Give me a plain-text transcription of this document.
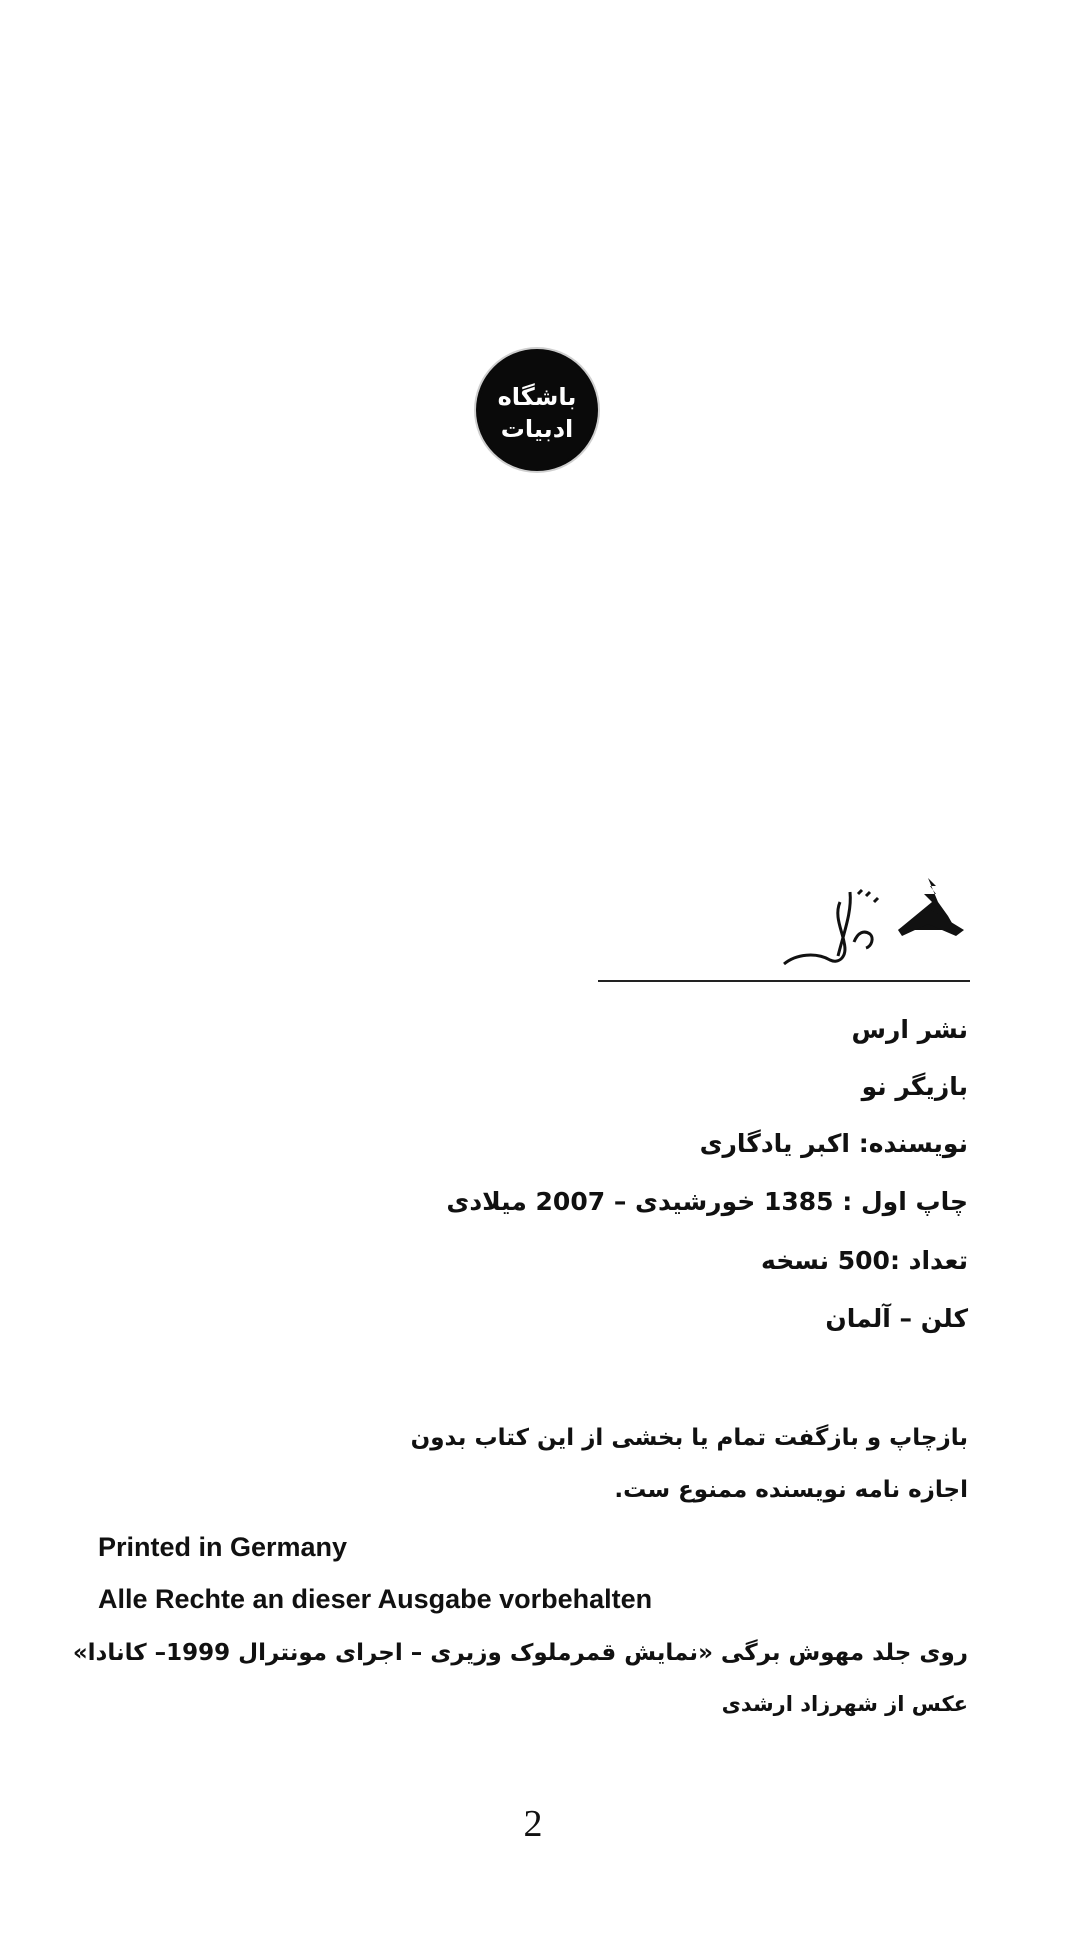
باشگاه
ادبیات
نشر ارس
بازیگر نو
نویسنده: اکبر یادگاری
چاپ اول : 1385 خورشیدی – 2007 میلادی
تعداد :500 نسخه
کلن – آلمان
بازچاپ و بازگفت تمام یا بخشی از این کتاب بدون
اجازه نامه نویسنده ممنوع ست.
Printed in Germany
Alle Rechte an dieser Ausgabe vorbehalten
روی جلد مهوش برگی «نمایش قمرملوک وزیری – اجرای مونترال 1999– کانادا»
عکس از شهرزاد ارشدی
2
